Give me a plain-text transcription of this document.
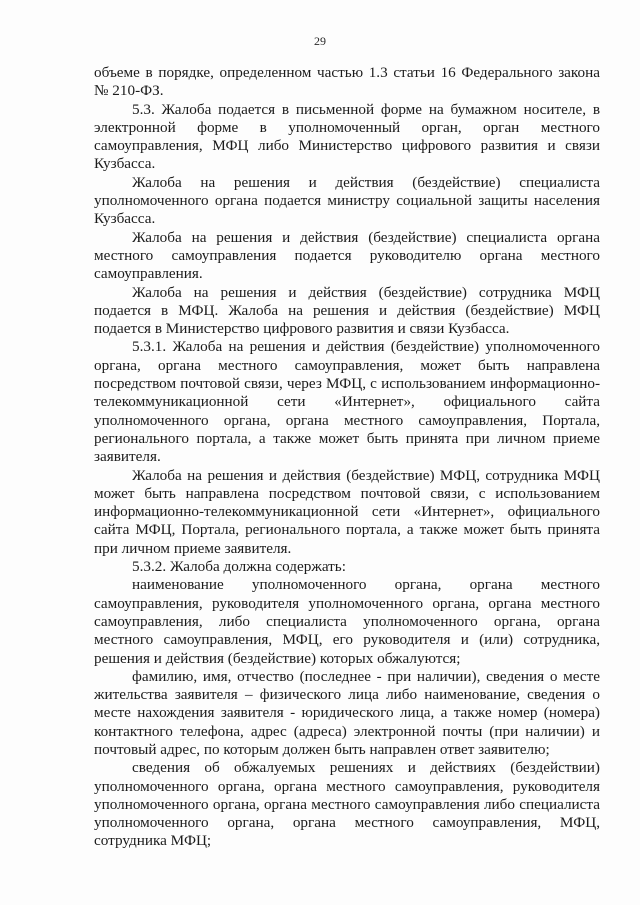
29

объеме в порядке, определенном частью 1.3 статьи 16 Федерального закона № 210-ФЗ.

5.3. Жалоба подается в письменной форме на бумажном носителе, в электронной форме в уполномоченный орган, орган местного самоуправления, МФЦ либо Министерство цифрового развития и связи Кузбасса.

Жалоба на решения и действия (бездействие) специалиста уполномоченного органа подается министру социальной защиты населения Кузбасса.

Жалоба на решения и действия (бездействие) специалиста органа местного самоуправления подается руководителю органа местного самоуправления.

Жалоба на решения и действия (бездействие) сотрудника МФЦ подается в МФЦ. Жалоба на решения и действия (бездействие) МФЦ подается в Министерство цифрового развития и связи Кузбасса.

5.3.1. Жалоба на решения и действия (бездействие) уполномоченного органа, органа местного самоуправления, может быть направлена посредством почтовой связи, через МФЦ, с использованием информационно-телекоммуникационной сети «Интернет», официального сайта уполномоченного органа, органа местного самоуправления, Портала, регионального портала, а также может быть принята при личном приеме заявителя.

Жалоба на решения и действия (бездействие) МФЦ, сотрудника МФЦ может быть направлена посредством почтовой связи, с использованием информационно-телекоммуникационной сети «Интернет», официального сайта МФЦ, Портала, регионального портала, а также может быть принята при личном приеме заявителя.

5.3.2. Жалоба должна содержать:

наименование уполномоченного органа, органа местного самоуправления, руководителя уполномоченного органа, органа местного самоуправления, либо специалиста уполномоченного органа, органа местного самоуправления, МФЦ, его руководителя и (или) сотрудника, решения и действия (бездействие) которых обжалуются;

фамилию, имя, отчество (последнее - при наличии), сведения о месте жительства заявителя – физического лица либо наименование, сведения о месте нахождения заявителя - юридического лица, а также номер (номера) контактного телефона, адрес (адреса) электронной почты (при наличии) и почтовый адрес, по которым должен быть направлен ответ заявителю;

сведения об обжалуемых решениях и действиях (бездействии) уполномоченного органа, органа местного самоуправления, руководителя уполномоченного органа, органа местного самоуправления либо специалиста уполномоченного органа, органа местного самоуправления, МФЦ, сотрудника МФЦ;
